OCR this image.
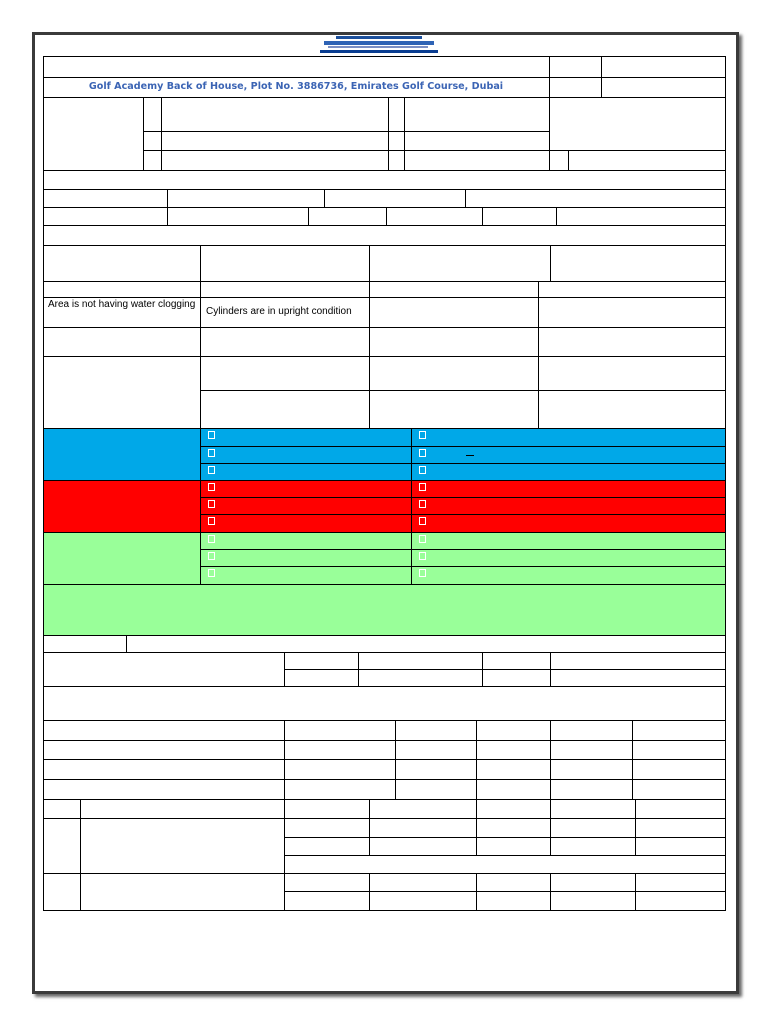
Golf Academy Back of House, Plot No. 3886736, Emirates Golf Course, Dubai
Area is not having water clogging
Cylinders are in upright condition
